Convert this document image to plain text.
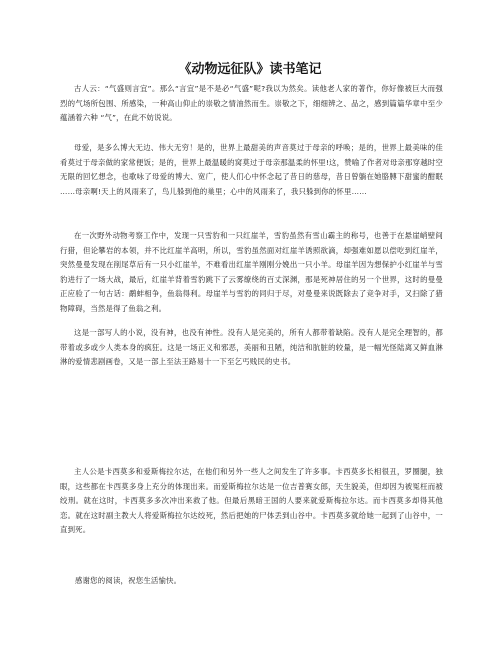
《动物远征队》读书笔记

古人云：“气盛则言宜”。那么“言宜”是不是必“气盛”呢?我以为然矣。读他老人家的著作，你好像被巨大而强烈的气场所包围、所感染，一种高山仰止的崇敬之情油然而生。崇敬之下，细细辨之、品之，感到篇篇华章中至少蕴涵着六种 “气”，在此不妨说说。

母爱，是多么博大无边、伟大无穷！是的，世界上最甜美的声音莫过于母亲的呼唤；是的，世界上最美味的佳肴莫过于母亲做的家常便饭；是的，世界上最温暖的窝莫过于母亲那温柔的怀里!这，赞喻了作者对母亲那穿越时空无限的回忆想念，也歌咏了母爱的博大、宽广，使人们心中怀念起了昔日的慈母，昔日曾躺在她胳膊下甜蜜的酣眠 ……母亲啊!天上的风雨来了，鸟儿躲到他的巢里；心中的风雨来了，我只躲到你的怀里……

在一次野外动物考察工作中，发现一只雪豹和一只红崖羊，雪豹虽然有雪山霸主的称号，也善于在悬崖峭壁间行猎，但论攀岩的本领，并不比红崖羊高明，所以，雪豹虽然面对红崖羊诱照欲滴，却强难如愿以偿吃到红崖羊，突然曼曼发现在削尾草后有一只小红崖羊，不难看出红崖羊刚刚分娩出一只小羊。母崖羊因为想保护小红崖羊与雪豹进行了一场大战，最后，红崖羊背着雪豹跳下了云雾缭绕的百丈深渊，那是死神居住的另一个世界，这时的曼曼正应验了一句古话：鹬蚌相争，鱼翁得利。母崖羊与雪豹的同归于尽，对曼曼来说既除去了竞争对手，又扫除了猎物障碍，当然是得了鱼翁之利。

这是一部写人的小说，没有神，也没有神性。没有人是完美的，所有人都带着缺陷。没有人是完全理智的，都带着或多或少人类本身的疯狂。这是一场正义和邪恶，美丽和丑陋，纯洁和肮脏的较量，是一幅光怪陆离又鲜血淋淋的爱情悲剧画卷，又是一部上至法王路易十一下至乞丐贱民的史书。

主人公是卡西莫多和爱斯梅拉尔达，在他们和另外一些人之间发生了许多事。卡西莫多长相很丑，罗圈腿，独眼，这些都在卡西莫多身上充分的体现出来。而爱斯梅拉尔达是一位吉普赛女郎，天生貌美，但却因为被冤枉而被绞刑。就在这时，卡西莫多多次冲出来救了他。但最后黑暗王国的人要来就爱斯梅拉尔达。而卡西莫多却得其他恋。就在这时副主教大人将爱斯梅拉尔达绞死，然后把她的尸体丢到山谷中。卡西莫多就给她一起到了山谷中，一直到死。

感谢您的阅读，祝您生活愉快。
